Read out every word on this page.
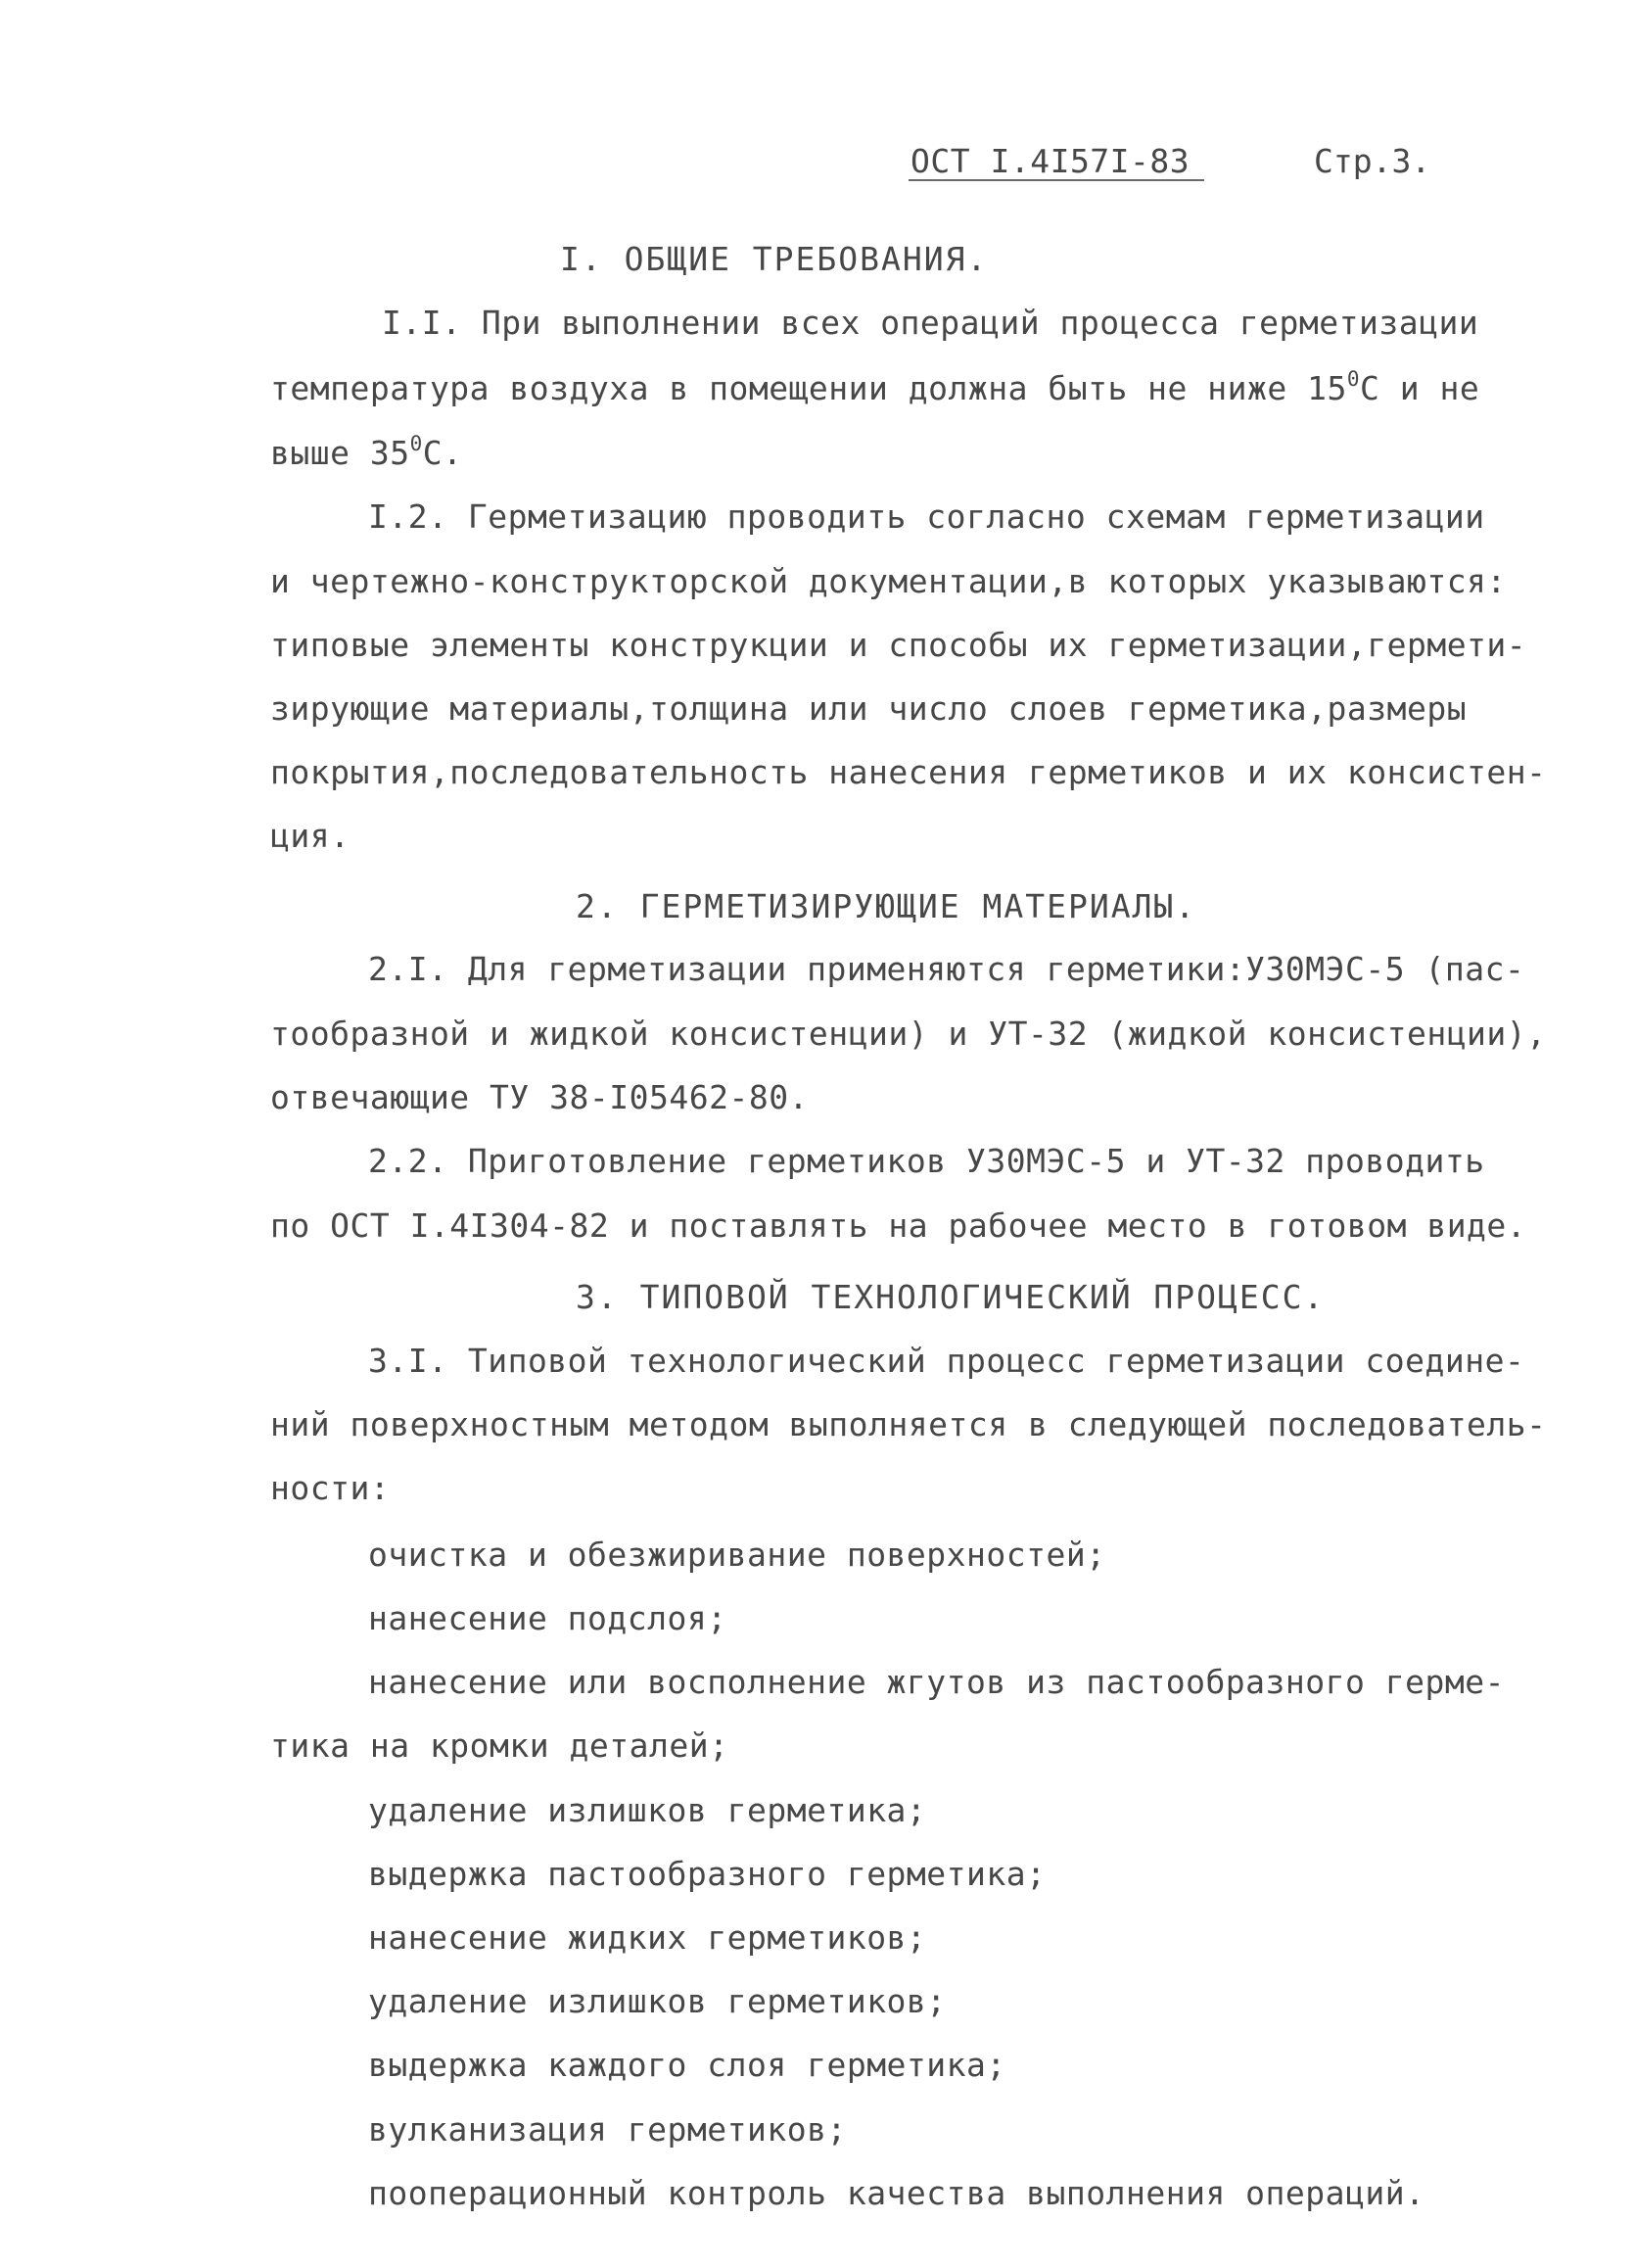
ОСТ I.4I57I-83	Стр.3.
I. ОБЩИЕ ТРЕБОВАНИЯ.
I.I. При выполнении всех операций процесса герметизации
температура воздуха в помещении должна быть не ниже $15^0С$ и не
выше $35^0С$.
I.2. Герметизацию проводить согласно схемам герметизации
и чертежно-конструкторской документации,в которых указываются:
типовые элементы конструкции и способы их герметизации,гермети-
зирующие материалы,толщина или число слоев герметика,размеры
покрытия,последовательность нанесения герметиков и их консистен-
ция.
2. ГЕРМЕТИЗИРУЮЩИЕ МАТЕРИАЛЫ.
2.I. Для герметизации применяются герметики:У30МЭС-5 (пас-
тообразной и жидкой консистенции) и УТ-32 (жидкой консистенции),
отвечающие ТУ 38-I05462-80.
2.2. Приготовление герметиков У30МЭС-5 и УТ-32 проводить
по ОСТ I.4I304-82 и поставлять на рабочее место в готовом виде.
3. ТИПОВОЙ ТЕХНОЛОГИЧЕСКИЙ ПРОЦЕСС.
3.I. Типовой технологический процесс герметизации соедине-
ний поверхностным методом выполняется в следующей последователь-
ности:
очистка и обезжиривание поверхностей;
нанесение подслоя;
нанесение или восполнение жгутов из пастообразного герме-
тика на кромки деталей;
удаление излишков герметика;
выдержка пастообразного герметика;
нанесение жидких герметиков;
удаление излишков герметиков;
выдержка каждого слоя герметика;
вулканизация герметиков;
пооперационный контроль качества выполнения операций.
